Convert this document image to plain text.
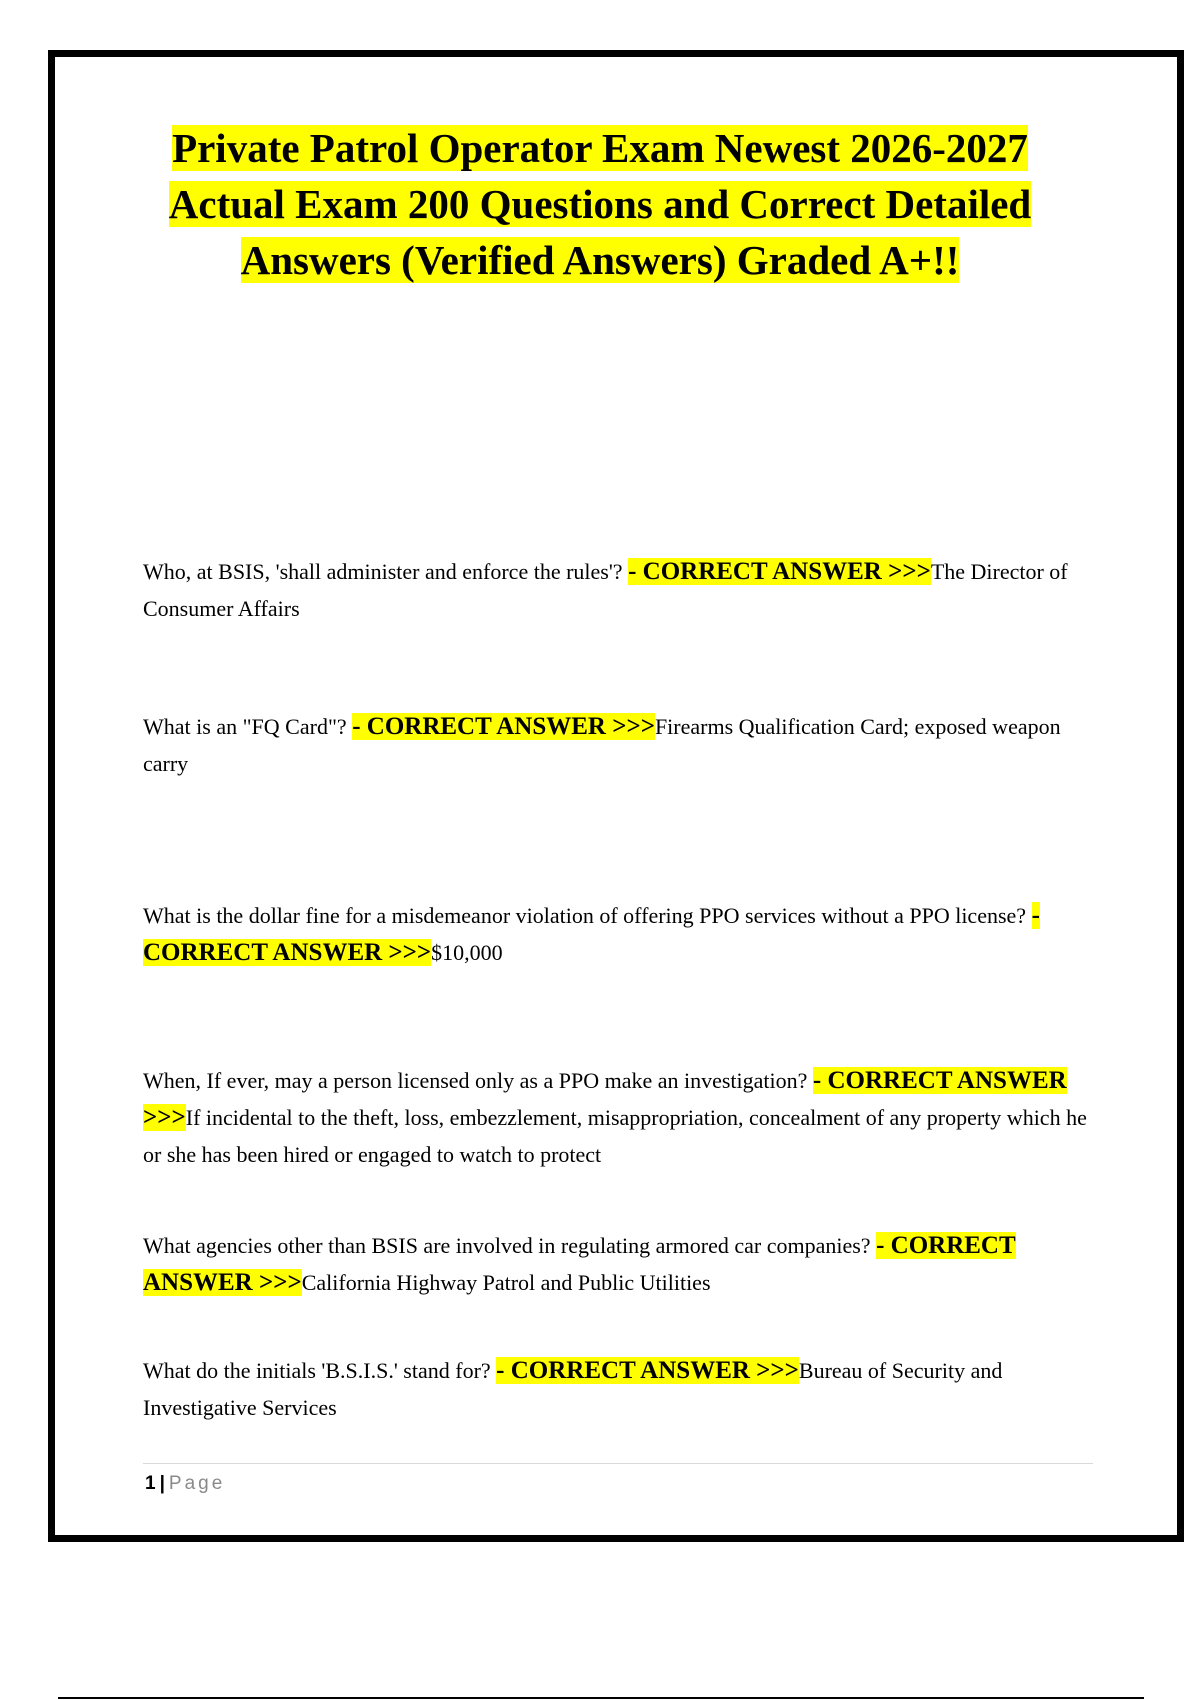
Private Patrol Operator Exam Newest 2026-2027
Actual Exam 200 Questions and Correct Detailed
Answers (Verified Answers) Graded A+!!

Who, at BSIS, 'shall administer and enforce the rules'? - CORRECT ANSWER >>>The Director of Consumer Affairs

What is an "FQ Card"? - CORRECT ANSWER >>>Firearms Qualification Card; exposed weapon carry

What is the dollar fine for a misdemeanor violation of offering PPO services without a PPO license? - CORRECT ANSWER >>>$10,000

When, If ever, may a person licensed only as a PPO make an investigation? - CORRECT ANSWER >>>If incidental to the theft, loss, embezzlement, misappropriation, concealment of any property which he or she has been hired or engaged to watch to protect

What agencies other than BSIS are involved in regulating armored car companies? - CORRECT ANSWER >>>California Highway Patrol and Public Utilities

What do the initials 'B.S.I.S.' stand for? - CORRECT ANSWER >>>Bureau of Security and Investigative Services

1 | Page
